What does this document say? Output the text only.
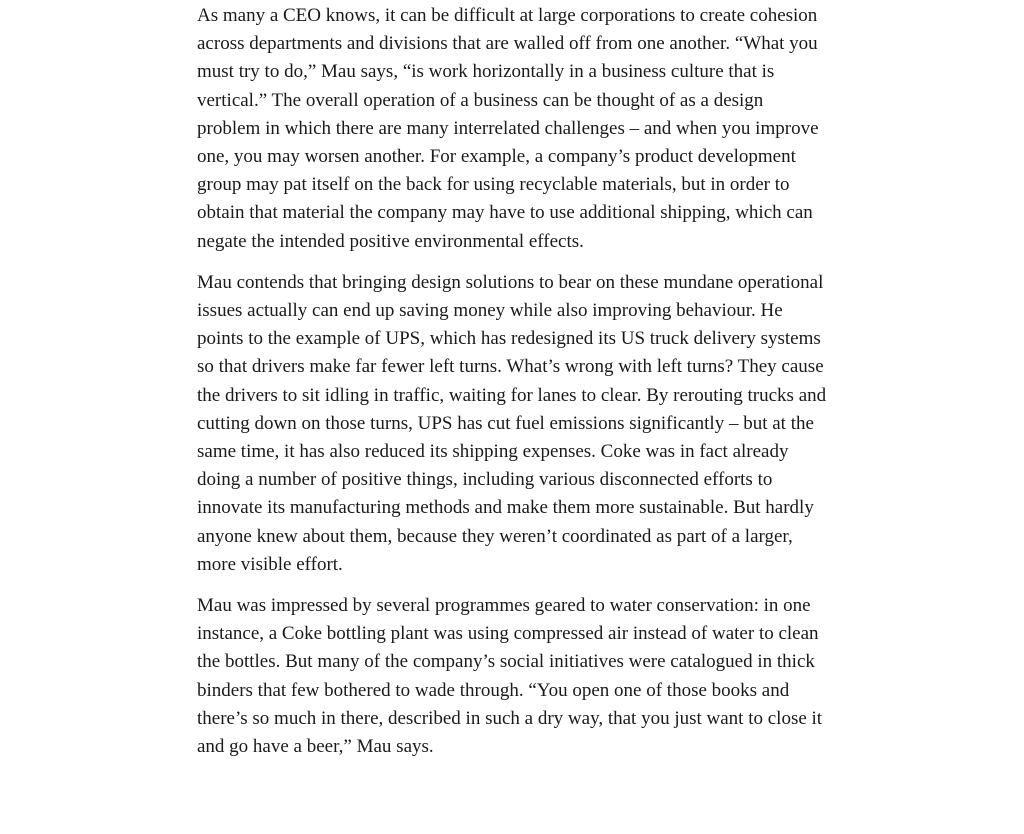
As many a CEO knows, it can be difficult at large corporations to create cohesion across departments and divisions that are walled off from one another. “What you must try to do,” Mau says, “is work horizontally in a business culture that is vertical.” The overall operation of a business can be thought of as a design problem in which there are many interrelated challenges – and when you improve one, you may worsen another. For example, a company’s product development group may pat itself on the back for using recyclable materials, but in order to obtain that material the company may have to use additional shipping, which can negate the intended positive environmental effects.

Mau contends that bringing design solutions to bear on these mundane operational issues actually can end up saving money while also improving behaviour. He points to the example of UPS, which has redesigned its US truck delivery systems so that drivers make far fewer left turns. What’s wrong with left turns? They cause the drivers to sit idling in traffic, waiting for lanes to clear. By rerouting trucks and cutting down on those turns, UPS has cut fuel emissions significantly – but at the same time, it has also reduced its shipping expenses. Coke was in fact already doing a number of positive things, including various disconnected efforts to innovate its manufacturing methods and make them more sustainable. But hardly anyone knew about them, because they weren’t coordinated as part of a larger, more visible effort.

Mau was impressed by several programmes geared to water conservation: in one instance, a Coke bottling plant was using compressed air instead of water to clean the bottles. But many of the company’s social initiatives were catalogued in thick binders that few bothered to wade through. “You open one of those books and there’s so much in there, described in such a dry way, that you just want to close it and go have a beer,” Mau says.
